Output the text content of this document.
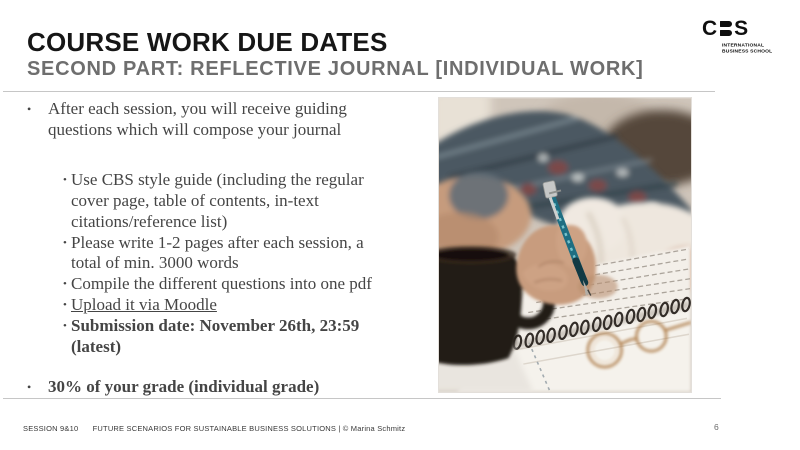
COURSE WORK DUE DATES
SECOND PART: REFLECTIVE JOURNAL [INDIVIDUAL WORK]
C S
INTERNATIONAL
BUSINESS SCHOOL
• After each session, you will receive guiding questions which will compose your journal
• Use CBS style guide (including the regular cover page, table of contents, in-text citations/reference list)
• Please write 1-2 pages after each session, a total of min. 3000 words
• Compile the different questions into one pdf
• Upload it via Moodle
• Submission date: November 26th, 23:59 (latest)
• 30% of your grade (individual grade)
SESSION 9&10 FUTURE SCENARIOS FOR SUSTAINABLE BUSINESS SOLUTIONS | © Marina Schmitz	6
